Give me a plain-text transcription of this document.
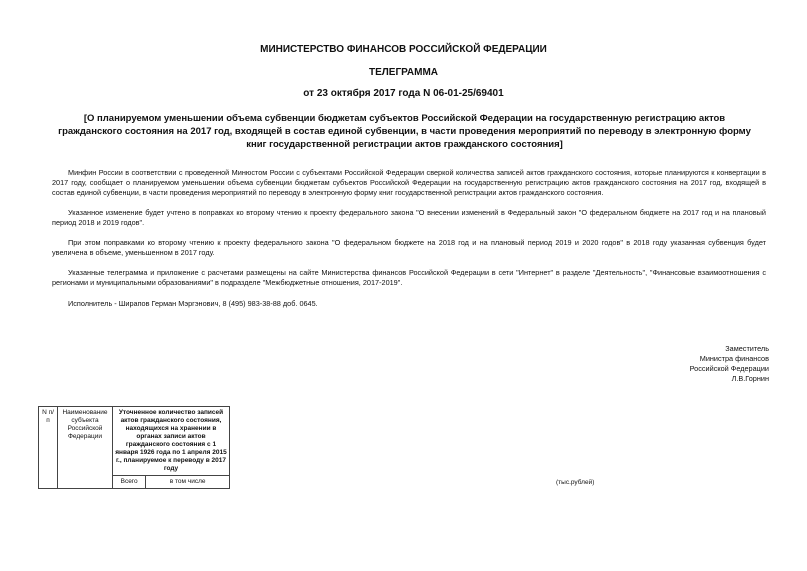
МИНИСТЕРСТВО ФИНАНСОВ РОССИЙСКОЙ ФЕДЕРАЦИИ
ТЕЛЕГРАММА
от 23 октября 2017 года N 06-01-25/69401
[О планируемом уменьшении объема субвенции бюджетам субъектов Российской Федерации на государственную регистрацию актов гражданского состояния на 2017 год, входящей в состав единой субвенции, в части проведения мероприятий по переводу в электронную форму книг государственной регистрации актов гражданского состояния]
Минфин России в соответствии с проведенной Минюстом России с субъектами Российской Федерации сверкой количества записей актов гражданского состояния, которые планируются к конвертации в 2017 году, сообщает о планируемом уменьшении объема субвенции бюджетам субъектов Российской Федерации на государственную регистрацию актов гражданского состояния на 2017 год, входящей в состав единой субвенции, в части проведения мероприятий по переводу в электронную форму книг государственной регистрации актов гражданского состояния.
Указанное изменение будет учтено в поправках ко второму чтению к проекту федерального закона "О внесении изменений в Федеральный закон "О федеральном бюджете на 2017 год и на плановый период 2018 и 2019 годов".
При этом поправками ко второму чтению к проекту федерального закона "О федеральном бюджете на 2018 год и на плановый период 2019 и 2020 годов" в 2018 году указанная субвенция будет увеличена в объеме, уменьшенном в 2017 году.
Указанные телеграмма и приложение с расчетами размещены на сайте Министерства финансов Российской Федерации в сети "Интернет" в разделе "Деятельность", "Финансовые взаимоотношения с регионами и муниципальными образованиями" в подразделе "Межбюджетные отношения, 2017-2019".
Исполнитель - Ширапов Герман Мэргэнович, 8 (495) 983-38-88 доб. 0645.
Заместитель
Министра финансов
Российской Федерации
Л.В.Горнин
N п/п	Наименование субъекта Российской Федерации	Уточненное количество записей актов гражданского состояния, находящихся на хранении в органах записи актов гражданского состояния с 1 января 1926 года по 1 апреля 2015 г., планируемое к переводу в 2017 году	
		Всего	в том числе	(тыс.рублей)
